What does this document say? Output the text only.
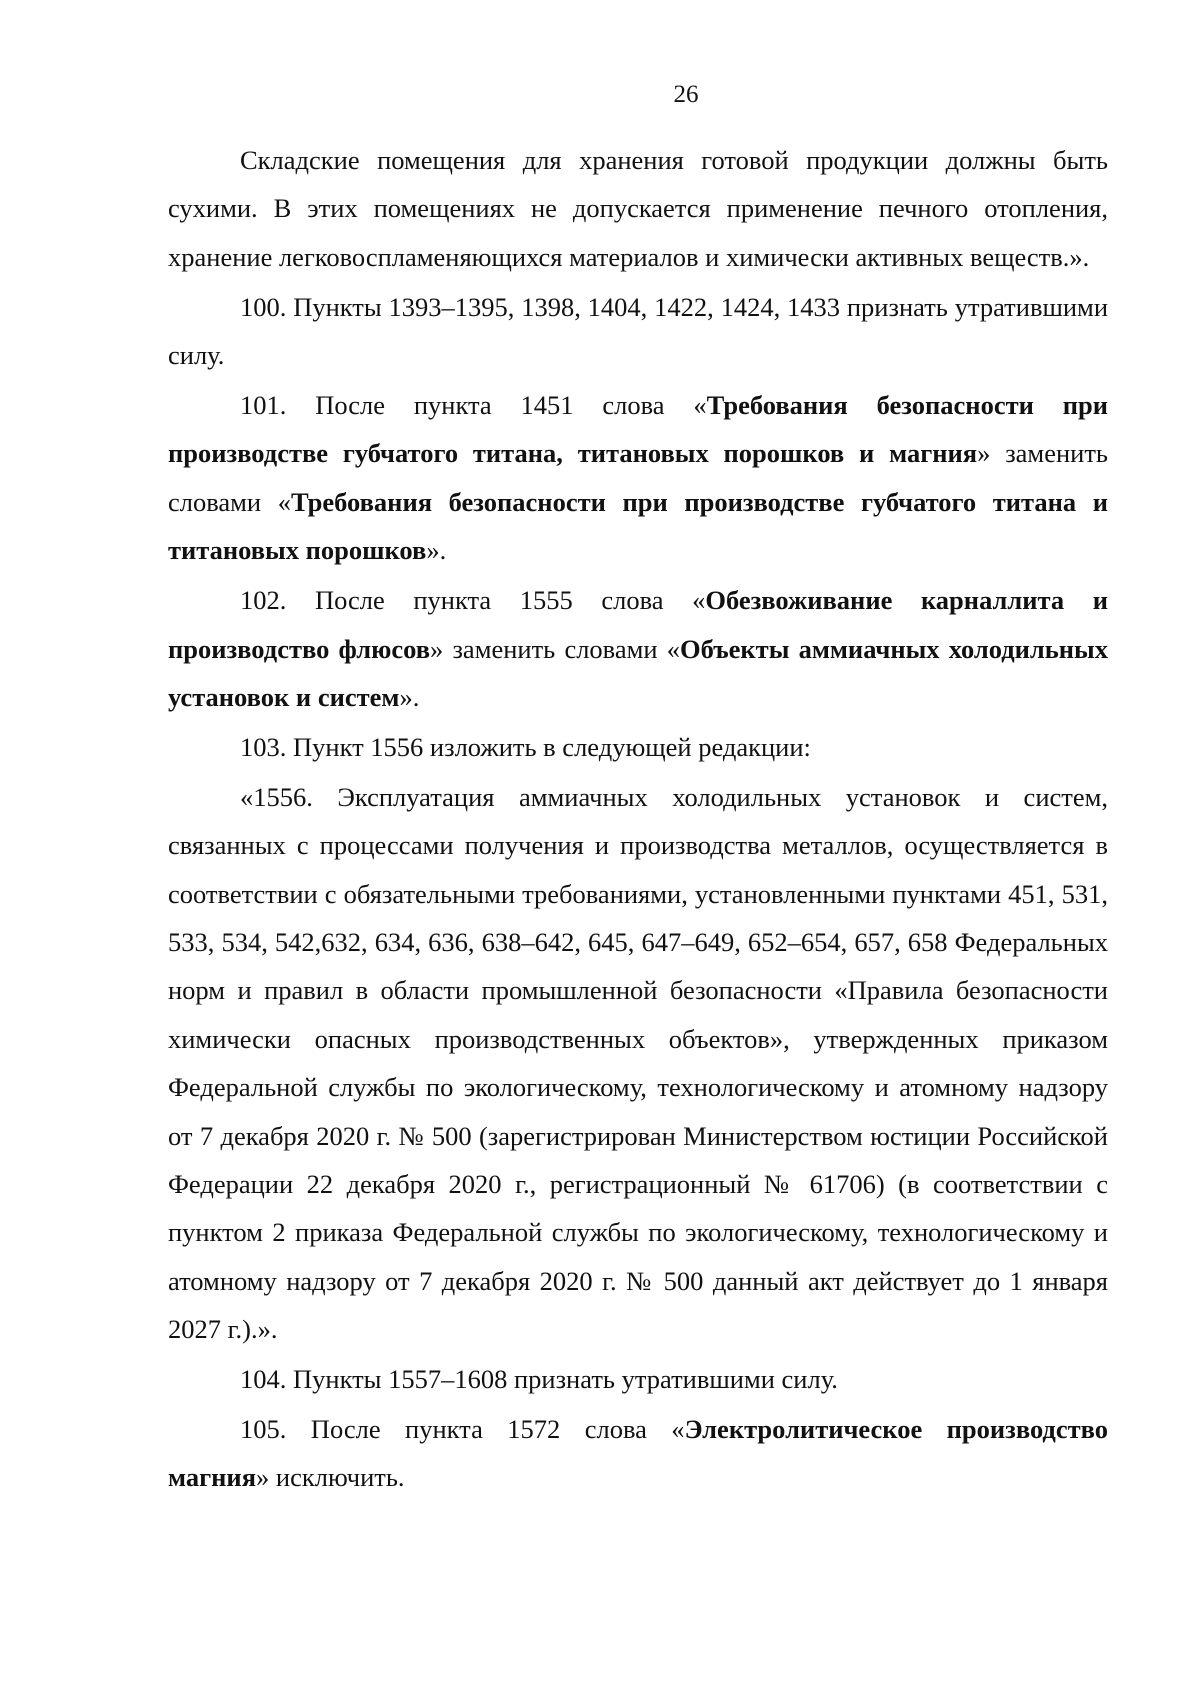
26

Складские помещения для хранения готовой продукции должны быть сухими. В этих помещениях не допускается применение печного отопления, хранение легковоспламеняющихся материалов и химически активных веществ.».

100. Пункты 1393–1395, 1398, 1404, 1422, 1424, 1433 признать утратившими силу.

101. После пункта 1451 слова «Требования безопасности при производстве губчатого титана, титановых порошков и магния» заменить словами «Требования безопасности при производстве губчатого титана и титановых порошков».

102. После пункта 1555 слова «Обезвоживание карналлита и производство флюсов» заменить словами «Объекты аммиачных холодильных установок и систем».

103. Пункт 1556 изложить в следующей редакции:

«1556. Эксплуатация аммиачных холодильных установок и систем, связанных с процессами получения и производства металлов, осуществляется в соответствии с обязательными требованиями, установленными пунктами 451, 531, 533, 534, 542,632, 634, 636, 638–642, 645, 647–649, 652–654, 657, 658 Федеральных норм и правил в области промышленной безопасности «Правила безопасности химически опасных производственных объектов», утвержденных приказом Федеральной службы по экологическому, технологическому и атомному надзору от 7 декабря 2020 г. № 500 (зарегистрирован Министерством юстиции Российской Федерации 22 декабря 2020 г., регистрационный № 61706) (в соответствии с пунктом 2 приказа Федеральной службы по экологическому, технологическому и атомному надзору от 7 декабря 2020 г. № 500 данный акт действует до 1 января 2027 г.).».

104. Пункты 1557–1608 признать утратившими силу.

105. После пункта 1572 слова «Электролитическое производство магния» исключить.
